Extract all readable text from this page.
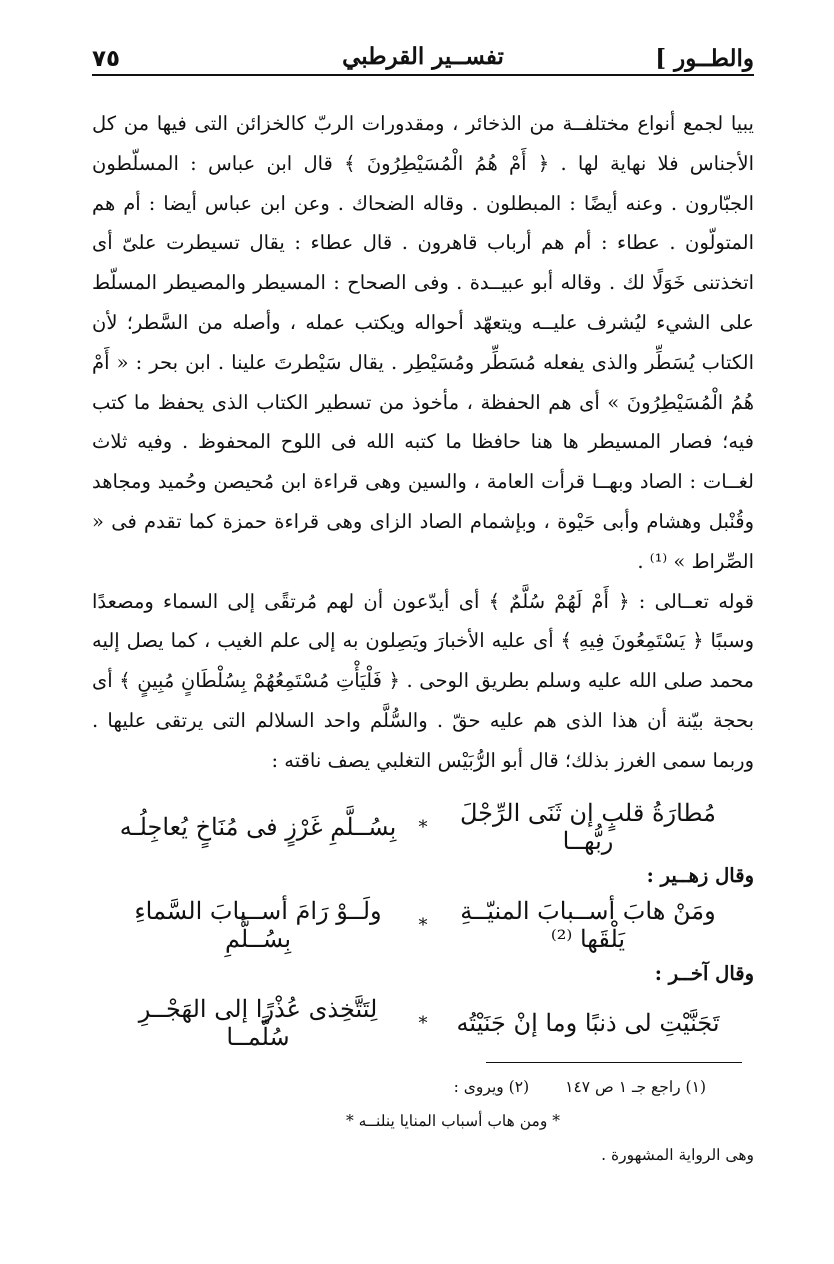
والطــور ]
تفســير القرطبي
٧٥

يبيا لجمع أنواع مختلفــة من الذخائر ، ومقدورات الربّ كالخزائن التى فيها من كل الأجناس فلا نهاية لها . ﴿ أَمْ هُمُ الْمُسَيْطِرُونَ ﴾ قال ابن عباس : المسلّطون الجبّارون . وعنه أيضًا : المبطلون . وقاله الضحاك . وعن ابن عباس أيضا : أم هم المتولّون . عطاء : أم هم أرباب قاهرون . قال عطاء : يقال تسيطرت علىّ أى اتخذتنى خَوَلًا لك . وقاله أبو عبيــدة . وفى الصحاح : المسيطر والمصيطر المسلّط على الشيء ليُشرف عليــه ويتعهّد أحواله ويكتب عمله ، وأصله من السَّطر؛ لأن الكتاب يُسَطِّر والذى يفعله مُسَطِّر ومُسَيْطِر . يقال سَيْطرتَ علينا . ابن بحر : « أَمْ هُمُ الْمُسَيْطِرُونَ » أى هم الحفظة ، مأخوذ من تسطير الكتاب الذى يحفظ ما كتب فيه؛ فصار المسيطر ها هنا حافظا ما كتبه الله فى اللوح المحفوظ . وفيه ثلاث لغــات : الصاد وبهــا قرأت العامة ، والسين وهى قراءة ابن مُحيصن وحُميد ومجاهد وقُنْبل وهشام وأبى حَيْوة ، وبإشمام الصاد الزاى وهى قراءة حمزة كما تقدم فى « الصِّراط » ⁽¹⁾ .

قوله تعــالى : ﴿ أَمْ لَهُمْ سُلَّمٌ ﴾ أى أيدّعون أن لهم مُرتقًى إلى السماء ومصعدًا وسببًا ﴿ يَسْتَمِعُونَ فِيهِ ﴾ أى عليه الأخبارَ ويَصِلون به إلى علم الغيب ، كما يصل إليه محمد صلى الله عليه وسلم بطريق الوحى . ﴿ فَلْيَأْتِ مُسْتَمِعُهُمْ بِسُلْطَانٍ مُبِينٍ ﴾ أى بحجة بيّنة أن هذا الذى هم عليه حقّ . والسُّلَّم واحد السلالم التى يرتقى عليها . وربما سمى الغرز بذلك؛ قال أبو الرُّبَيْس التغلبي يصف ناقته :

مُطارَةُ قلبٍ إن ثَنَى الرِّجْلَ ربُّهــا
*
بِسُــلَّمِ غَرْزٍ فى مُنَاخٍ يُعاجِلُـه
وقال زهــير :
ومَنْ هابَ أســبابَ المنيّــةِ يَلْقَها ⁽²⁾
*
ولَــوْ رَامَ أســبابَ السَّماءِ بِسُــلَّمِ
وقال آخــر :
تَجَنَّيْتِ لى ذنبًا وما إنْ جَنَيْتُه
*
لِتَتَّخِذى عُذْرًا إلى الهَجْــرِ سُلَّمــا
(١) راجع جـ ١ ص ١٤٧
(٢) ويروى :
* ومن هاب أسباب المنايا ينلنــه *
وهى الرواية المشهورة .
